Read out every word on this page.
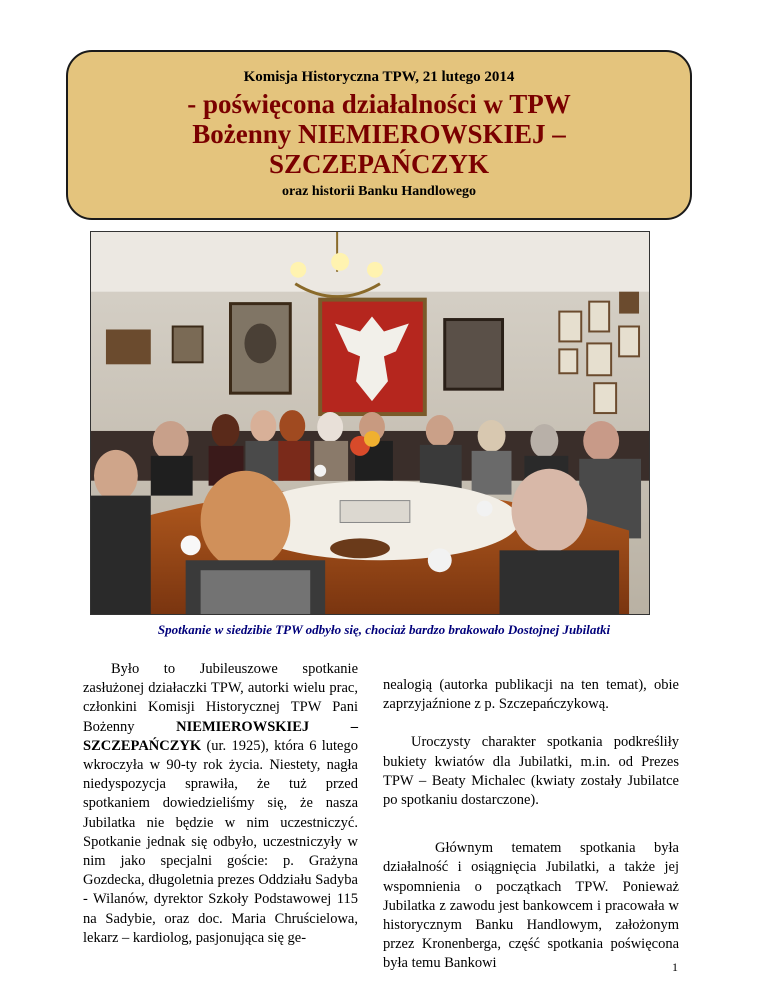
Komisja Historyczna TPW, 21 lutego 2014
- poświęcona działalności w TPW
Bożenny NIEMIEROWSKIEJ –
SZCZEPAŃCZYK
oraz historii Banku Handlowego
Spotkanie w siedzibie TPW odbyło się, chociaż bardzo brakowało Dostojnej Jubilatki

Było to Jubileuszowe spotkanie zasłużonej działaczki TPW, autorki wielu prac, członkini Komisji Historycznej TPW Pani Bożenny NIEMIEROWSKIEJ – SZCZEPAŃCZYK (ur. 1925), która 6 lutego wkroczyła w 90-ty rok życia. Niestety, nagła niedyspozycja sprawiła, że tuż przed spotkaniem dowiedzieliśmy się, że nasza Jubilatka nie będzie w nim uczestniczyć. Spotkanie jednak się odbyło, uczestniczyły w nim jako specjalni goście: p. Grażyna Gozdecka, długoletnia prezes Oddziału Sadyba - Wilanów, dyrektor Szkoły Podstawowej 115 na Sadybie, oraz doc. Maria Chruścielowa, lekarz – kardiolog, pasjonująca się ge-

nealogią (autorka publikacji na ten temat), obie zaprzyjaźnione z p. Szczepańczykową.

Uroczysty charakter spotkania podkreśliły bukiety kwiatów dla Jubilatki, m.in. od Prezes TPW – Beaty Michalec (kwiaty zostały Jubilatce po spotkaniu dostarczone).

Głównym tematem spotkania była działalność i osiągnięcia Jubilatki, a także jej wspomnienia o początkach TPW. Ponieważ Jubilatka z zawodu jest bankowcem i pracowała w historycznym Banku Handlowym, założonym przez Kronenberga, część spotkania poświęcona była temu Bankowi	1
